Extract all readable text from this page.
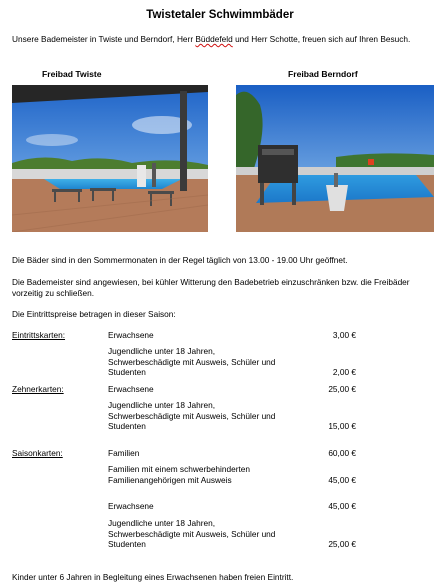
Twistetaler Schwimmbäder
Unsere Bademeister in Twiste und Berndorf, Herr Büddefeld und Herr Schotte, freuen sich auf Ihren Besuch.
Freibad Twiste	Freibad Berndorf
Die Bäder sind in den Sommermonaten in der Regel täglich von 13.00 - 19.00 Uhr geöffnet.
Die Bademeister sind angewiesen, bei kühler Witterung den Badebetrieb einzuschränken bzw. die Freibäder vorzeitig zu schließen.
Die Eintrittspreise betragen in dieser Saison:
Eintrittskarten:	Erwachsene	3,00 €
Jugendliche unter 18 Jahren, Schwerbeschädigte mit Ausweis, Schüler und Studenten	2,00 €
Zehnerkarten:	Erwachsene	25,00 €
Jugendliche unter 18 Jahren, Schwerbeschädigte mit Ausweis, Schüler und Studenten	15,00 €
Saisonkarten:	Familien	60,00 €
Familien mit einem schwerbehinderten Familienangehörigen mit Ausweis	45,00 €
Erwachsene	45,00 €
Jugendliche unter 18 Jahren, Schwerbeschädigte mit Ausweis, Schüler und Studenten	25,00 €
Kinder unter 6 Jahren in Begleitung eines Erwachsenen haben freien Eintritt.
